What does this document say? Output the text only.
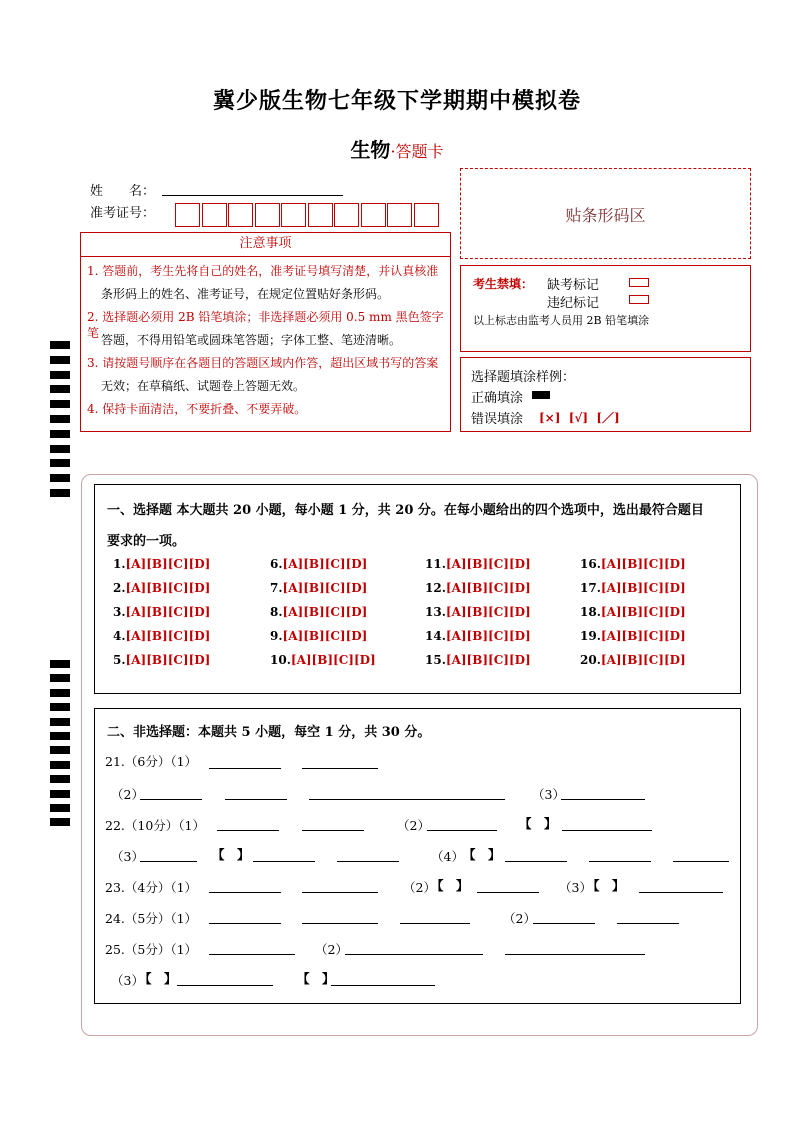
冀少版生物七年级下学期期中模拟卷
生物·答题卡
姓　　名：
准考证号：	贴条形码区
注意事项
1. 答题前，考生先将自己的姓名，准考证号填写清楚，并认真核准
条形码上的姓名、准考证号，在规定位置贴好条形码。
2. 选择题必须用 2B 铅笔填涂；非选择题必须用 0.5 mm 黑色签字笔 答题，不得用铅笔或圆珠笔答题；字体工整、笔迹清晰。
3. 请按题号顺序在各题目的答题区域内作答，超出区域书写的答案
无效；在草稿纸、试题卷上答题无效。
4. 保持卡面清洁，不要折叠、不要弄破。
考生禁填： 缺考标记
违纪标记
以上标志由监考人员用 2B 铅笔填涂
选择题填涂样例：
正确填涂
错误填涂 [×]  [√]  [／]
一、选择题 本大题共 20 小题，每小题 1 分，共 20 分。在每小题给出的四个选项中，选出最符合题目
要求的一项。
1.[A][B][C][D]
2.[A][B][C][D]
3.[A][B][C][D]
4.[A][B][C][D]
5.[A][B][C][D]
6.[A][B][C][D]
7.[A][B][C][D]
8.[A][B][C][D]
9.[A][B][C][D]
10.[A][B][C][D]
11.[A][B][C][D]
12.[A][B][C][D]
13.[A][B][C][D]
14.[A][B][C][D]
15.[A][B][C][D]
16.[A][B][C][D]
17.[A][B][C][D]
18.[A][B][C][D]
19.[A][B][C][D]
20.[A][B][C][D]
二、非选择题：本题共 5 小题，每空 1 分，共 30 分。
21.（6分）（1）
（2）	（3）
22.（10分）（1）	（2）	【　】
（3）	【　】	（4） 【　】
23.（4分）（1）	（2）
【　】	（3）
【　】
24.（5分）（1）	（2）
25.（5分）（1）	（2）
（3）
【　】	【　】
